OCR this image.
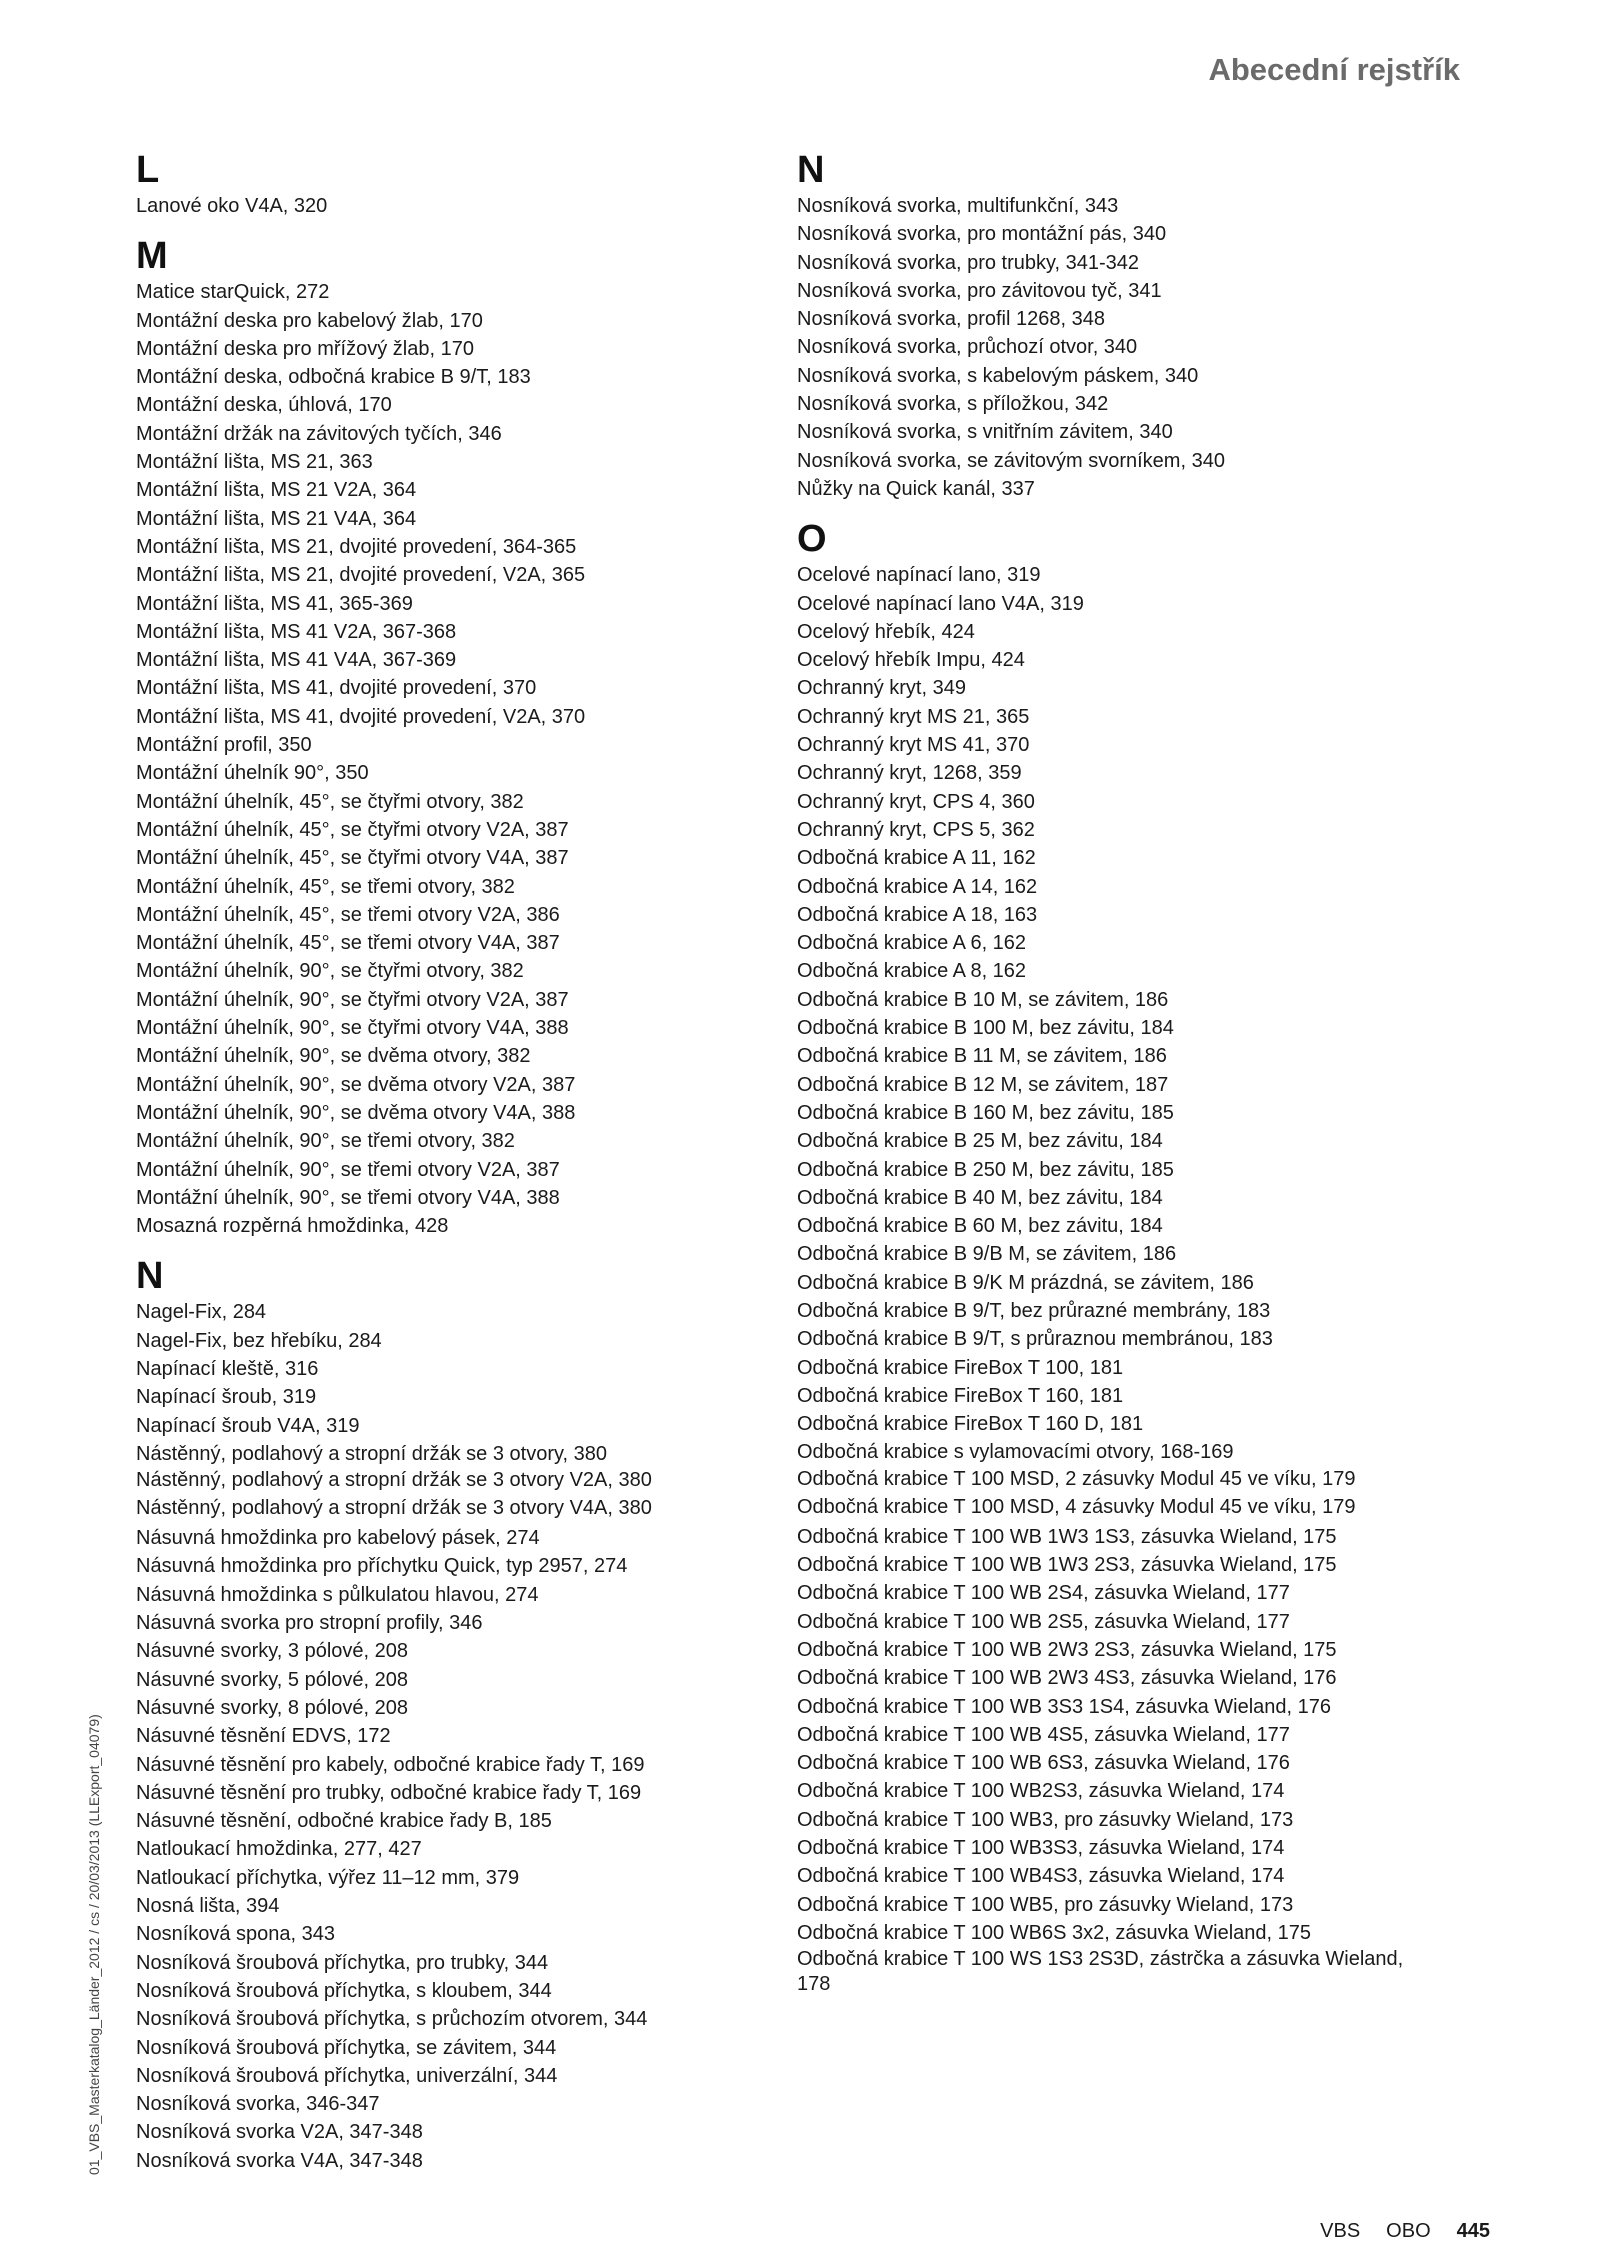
Abecední rejstřík
L
Lanové oko V4A, 320
M
Matice starQuick, 272
Montážní deska pro kabelový žlab, 170
Montážní deska pro mřížový žlab, 170
Montážní deska, odbočná krabice B 9/T, 183
Montážní deska, úhlová, 170
Montážní držák na závitových tyčích, 346
Montážní lišta, MS 21, 363
Montážní lišta, MS 21 V2A, 364
Montážní lišta, MS 21 V4A, 364
Montážní lišta, MS 21, dvojité provedení, 364-365
Montážní lišta, MS 21, dvojité provedení, V2A, 365
Montážní lišta, MS 41, 365-369
Montážní lišta, MS 41 V2A, 367-368
Montážní lišta, MS 41 V4A, 367-369
Montážní lišta, MS 41, dvojité provedení, 370
Montážní lišta, MS 41, dvojité provedení, V2A, 370
Montážní profil, 350
Montážní úhelník 90°, 350
Montážní úhelník, 45°, se čtyřmi otvory, 382
Montážní úhelník, 45°, se čtyřmi otvory V2A, 387
Montážní úhelník, 45°, se čtyřmi otvory V4A, 387
Montážní úhelník, 45°, se třemi otvory, 382
Montážní úhelník, 45°, se třemi otvory V2A, 386
Montážní úhelník, 45°, se třemi otvory V4A, 387
Montážní úhelník, 90°, se čtyřmi otvory, 382
Montážní úhelník, 90°, se čtyřmi otvory V2A, 387
Montážní úhelník, 90°, se čtyřmi otvory V4A, 388
Montážní úhelník, 90°, se dvěma otvory, 382
Montážní úhelník, 90°, se dvěma otvory V2A, 387
Montážní úhelník, 90°, se dvěma otvory V4A, 388
Montážní úhelník, 90°, se třemi otvory, 382
Montážní úhelník, 90°, se třemi otvory V2A, 387
Montážní úhelník, 90°, se třemi otvory V4A, 388
Mosazná rozpěrná hmoždinka, 428
N
Nagel-Fix, 284
Nagel-Fix, bez hřebíku, 284
Napínací kleště, 316
Napínací šroub, 319
Napínací šroub V4A, 319
Nástěnný, podlahový a stropní držák se 3 otvory, 380
Nástěnný, podlahový a stropní držák se 3 otvory V2A, 380
Nástěnný, podlahový a stropní držák se 3 otvory V4A, 380
Násuvná hmoždinka pro kabelový pásek, 274
Násuvná hmoždinka pro příchytku Quick, typ 2957, 274
Násuvná hmoždinka s půlkulatou hlavou, 274
Násuvná svorka pro stropní profily, 346
Násuvné svorky, 3 pólové, 208
Násuvné svorky, 5 pólové, 208
Násuvné svorky, 8 pólové, 208
Násuvné těsnění EDVS, 172
Násuvné těsnění pro kabely, odbočné krabice řady T, 169
Násuvné těsnění pro trubky, odbočné krabice řady T, 169
Násuvné těsnění, odbočné krabice řady B, 185
Natloukací hmoždinka, 277, 427
Natloukací příchytka, výřez 11–12 mm, 379
Nosná lišta, 394
Nosníková spona, 343
Nosníková šroubová příchytka, pro trubky, 344
Nosníková šroubová příchytka, s kloubem, 344
Nosníková šroubová příchytka, s průchozím otvorem, 344
Nosníková šroubová příchytka, se závitem, 344
Nosníková šroubová příchytka, univerzální, 344
Nosníková svorka, 346-347
Nosníková svorka V2A, 347-348
Nosníková svorka V4A, 347-348
N
Nosníková svorka, multifunkční, 343
Nosníková svorka, pro montážní pás, 340
Nosníková svorka, pro trubky, 341-342
Nosníková svorka, pro závitovou tyč, 341
Nosníková svorka, profil 1268, 348
Nosníková svorka, průchozí otvor, 340
Nosníková svorka, s kabelovým páskem, 340
Nosníková svorka, s příložkou, 342
Nosníková svorka, s vnitřním závitem, 340
Nosníková svorka, se závitovým svorníkem, 340
Nůžky na Quick kanál, 337
O
Ocelové napínací lano, 319
Ocelové napínací lano V4A, 319
Ocelový hřebík, 424
Ocelový hřebík Impu, 424
Ochranný kryt, 349
Ochranný kryt MS 21, 365
Ochranný kryt MS 41, 370
Ochranný kryt, 1268, 359
Ochranný kryt, CPS 4, 360
Ochranný kryt, CPS 5, 362
Odbočná krabice A 11, 162
Odbočná krabice A 14, 162
Odbočná krabice A 18, 163
Odbočná krabice A 6, 162
Odbočná krabice A 8, 162
Odbočná krabice B 10 M, se závitem, 186
Odbočná krabice B 100 M, bez závitu, 184
Odbočná krabice B 11 M, se závitem, 186
Odbočná krabice B 12 M, se závitem, 187
Odbočná krabice B 160 M, bez závitu, 185
Odbočná krabice B 25 M, bez závitu, 184
Odbočná krabice B 250 M, bez závitu, 185
Odbočná krabice B 40 M, bez závitu, 184
Odbočná krabice B 60 M, bez závitu, 184
Odbočná krabice B 9/B M, se závitem, 186
Odbočná krabice B 9/K M prázdná, se závitem, 186
Odbočná krabice B 9/T, bez průrazné membrány, 183
Odbočná krabice B 9/T, s průraznou membránou, 183
Odbočná krabice FireBox T 100, 181
Odbočná krabice FireBox T 160, 181
Odbočná krabice FireBox T 160 D, 181
Odbočná krabice s vylamovacími otvory, 168-169
Odbočná krabice T 100 MSD, 2 zásuvky Modul 45 ve víku, 179
Odbočná krabice T 100 MSD, 4 zásuvky Modul 45 ve víku, 179
Odbočná krabice T 100 WB 1W3 1S3, zásuvka Wieland, 175
Odbočná krabice T 100 WB 1W3 2S3, zásuvka Wieland, 175
Odbočná krabice T 100 WB 2S4, zásuvka Wieland, 177
Odbočná krabice T 100 WB 2S5, zásuvka Wieland, 177
Odbočná krabice T 100 WB 2W3 2S3, zásuvka Wieland, 175
Odbočná krabice T 100 WB 2W3 4S3, zásuvka Wieland, 176
Odbočná krabice T 100 WB 3S3 1S4, zásuvka Wieland, 176
Odbočná krabice T 100 WB 4S5, zásuvka Wieland, 177
Odbočná krabice T 100 WB 6S3, zásuvka Wieland, 176
Odbočná krabice T 100 WB2S3, zásuvka Wieland, 174
Odbočná krabice T 100 WB3, pro zásuvky Wieland, 173
Odbočná krabice T 100 WB3S3, zásuvka Wieland, 174
Odbočná krabice T 100 WB4S3, zásuvka Wieland, 174
Odbočná krabice T 100 WB5, pro zásuvky Wieland, 173
Odbočná krabice T 100 WB6S 3x2, zásuvka Wieland, 175
Odbočná krabice T 100 WS 1S3 2S3D, zástrčka a zásuvka Wieland, 178
01_VBS_Masterkatalog_Länder_2012 / cs / 20/03/2013 (LLExport_04079)
VBS OBO 445
